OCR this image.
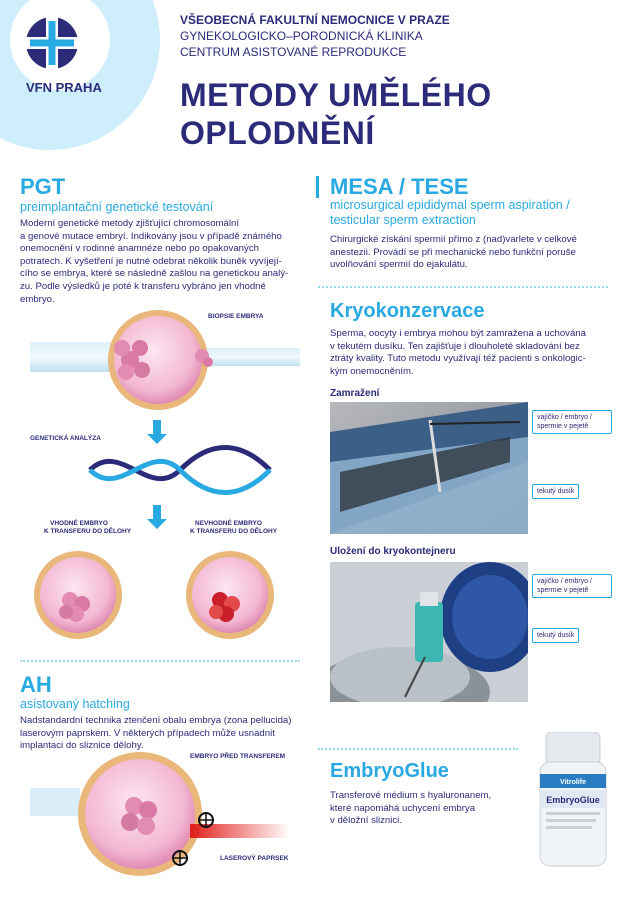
VFN PRAHA
VŠEOBECNÁ FAKULTNÍ NEMOCNICE V PRAZE
GYNEKOLOGICKO–PORODNICKÁ KLINIKA
CENTRUM ASISTOVANÉ REPRODUKCE
METODY UMĚLÉHO
OPLODNĚNÍ
PGT
preimplantační genetické testování
Moderní genetické metody zjišťující chromosomální
a genové mutace embryí. Indikovány jsou v případě známého
onemocnění v rodinné anamnéze nebo po opakovaných
potratech. K vyšetření je nutné odebrat několik buněk vyvíjejí-
cího se embrya, které se následně zašlou na genetickou analý-
zu. Podle výsledků je poté k transferu vybráno jen vhodné
embryo.
BIOPSIE EMBRYA
GENETICKÁ ANALÝZA
VHODNÉ EMBRYO
K TRANSFERU DO DĚLOHY
NEVHODNÉ EMBRYO
K TRANSFERU DO DĚLOHY
AH
asistovaný hatching
Nadstandardní technika ztenčení obalu embrya (zona pellucida)
laserovým paprskem. V některých případech může usnadnit
implantaci do sliznice dělohy.
EMBRYO PŘED TRANSFEREM
LASEROVÝ PAPRSEK
MESA / TESE
microsurgical epididymal sperm aspiration /
testicular sperm extraction
Chirurgické získání spermií přímo z (nad)varlete v celkové
anestezii. Provádí se při mechanické nebo funkční poruše
uvolňování spermií do ejakulátu.
Kryokonzervace
Sperma, oocyty i embrya mohou být zamražena a uchována
v tekutém dusíku. Ten zajišťuje i dlouholeté skladování bez
ztráty kvality. Tuto metodu využívají též pacienti s onkologic-
kým onemocněním.
Zamražení
vajíčko / embryo /
spermie v pejetě
tekutý dusík
Uložení do kryokontejneru
vajíčko / embryo /
spermie v pejetě
tekutý dusík
EmbryoGlue
Transferové médium s hyaluronanem,
které napomáhá uchycení embrya
v děložní sliznici.
Vitrolife
EmbryoGlue
